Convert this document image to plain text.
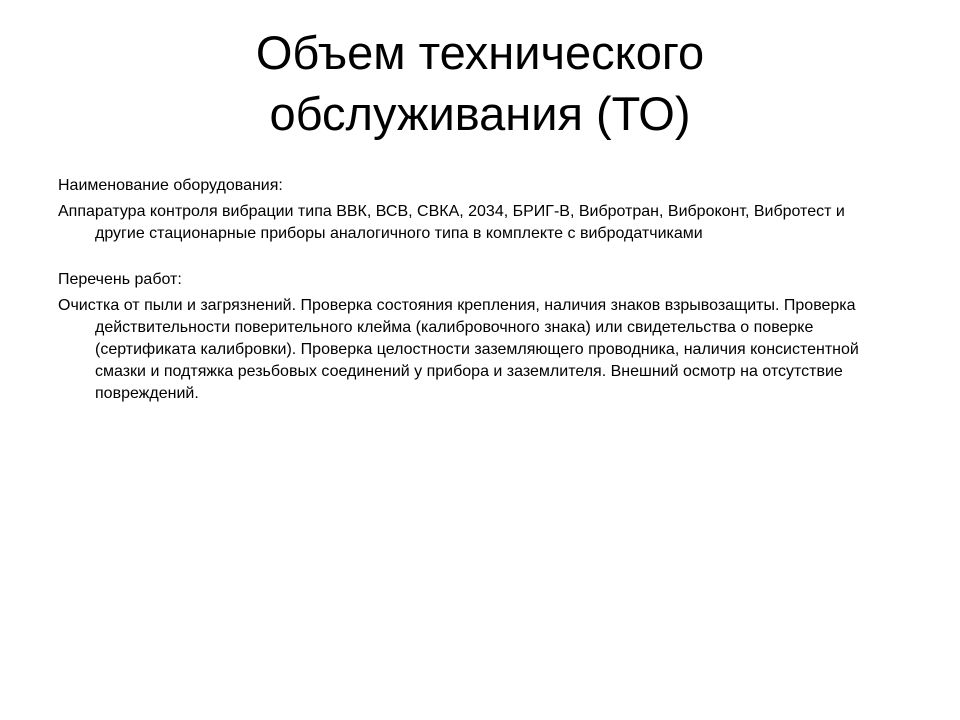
Объем технического обслуживания (ТО)

Наименование оборудования:

Аппаратура контроля вибрации типа ВВК, ВСВ, СВКА, 2034, БРИГ-В, Вибротран, Виброконт, Вибротест и другие стационарные приборы аналогичного типа в комплекте с вибродатчиками

Перечень работ:

Очистка от пыли и загрязнений. Проверка состояния крепления, наличия знаков взрывозащиты. Проверка действительности поверительного клейма (калибровочного знака) или свидетельства о поверке (сертификата калибровки). Проверка целостности заземляющего проводника, наличия консистентной смазки и подтяжка резьбовых соединений у прибора и заземлителя. Внешний осмотр на отсутствие повреждений.
